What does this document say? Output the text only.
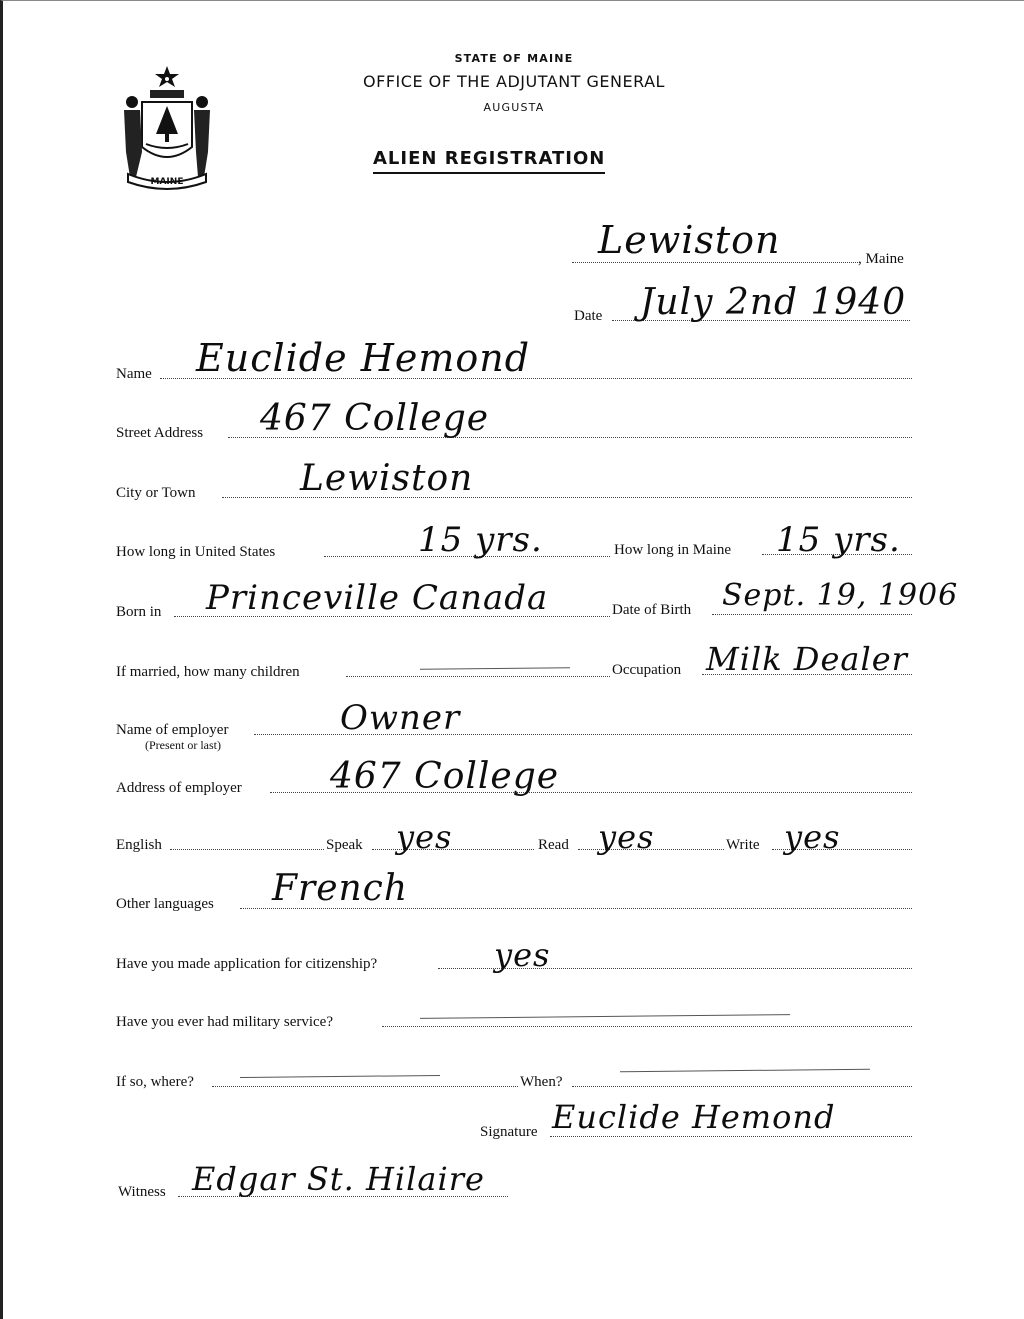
MAINE
STATE OF MAINE
OFFICE OF THE ADJUTANT GENERAL
AUGUSTA
ALIEN REGISTRATION
Lewiston	, Maine
Date July 2nd 1940
Name Euclide Hemond
Street Address 467 College
City or Town	Lewiston
How long in United States	15 yrs.	How long in Maine 15 yrs.
Born in Princeville Canada	Date of Birth Sept. 19, 1906
If married, how many children	Occupation Milk Dealer
Name of employer
(Present or last)
Owner
Address of employer 467 College
English	Speak yes	Read yes	Write yes
Other languages French
Have you made application for citizenship?	yes
Have you ever had military service?
If so, where?	When?
Signature Euclide Hemond
Witness Edgar St. Hilaire
